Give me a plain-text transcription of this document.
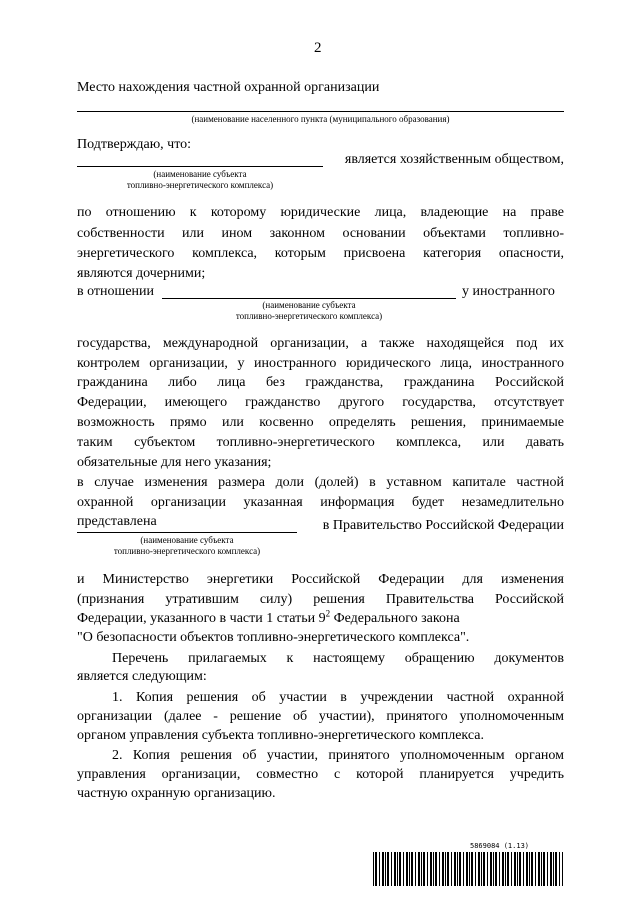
2
Место нахождения частной охранной организации
(наименование населенного пункта (муниципального образования)
Подтверждаю, что:
является хозяйственным обществом,
(наименование субъекта
топливно-энергетического комплекса)
по отношению к которому юридические лица, владеющие на праве
собственности или ином законном основании объектами топливно-
энергетического комплекса, которым присвоена категория опасности,
являются дочерними;
в отношении	у иностранного
(наименование субъекта
топливно-энергетического комплекса)
государства, международной организации, а также находящейся под их
контролем организации, у иностранного юридического лица, иностранного
гражданина либо лица без гражданства, гражданина Российской
Федерации, имеющего гражданство другого государства, отсутствует
возможность прямо или косвенно определять решения, принимаемые
таким субъектом топливно-энергетического комплекса, или давать
обязательные для него указания;
в случае изменения размера доли (долей) в уставном капитале частной
охранной организации указанная информация будет незамедлительно
представлена	в Правительство Российской Федерации
(наименование субъекта
топливно-энергетического комплекса)
и Министерство энергетики Российской Федерации для изменения
(признания утратившим силу) решения Правительства Российской
Федерации, указанного в части 1 статьи $9^2$ Федерального закона
"О безопасности объектов топливно-энергетического комплекса".
Перечень прилагаемых к настоящему обращению документов
является следующим:
1. Копия решения об участии в учреждении частной охранной
организации (далее - решение об участии), принятого уполномоченным
органом управления субъекта топливно-энергетического комплекса.
2. Копия решения об участии, принятого уполномоченным органом
управления организации, совместно с которой планируется учредить
частную охранную организацию.
5869084 (1.13)
